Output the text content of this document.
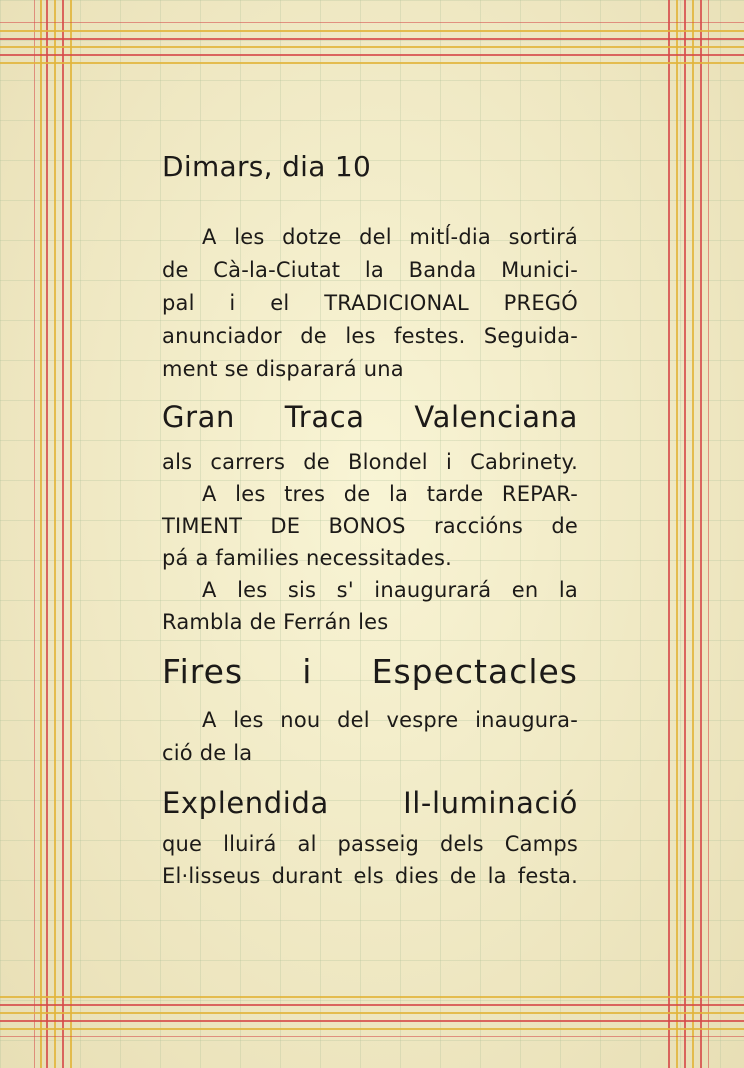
Dimars, dia 10
A les dotze del mitĺ-dia sortirá
de Cà-la-Ciutat la Banda Munici-
pal i el TRADICIONAL PREGÓ
anunciador de les festes. Seguida-
ment se disparará una
Gran Traca Valenciana
als carrers de Blondel i Cabrinety.
A les tres de la tarde REPAR-
TIMENT DE BONOS raccións de
pá a families necessitades.
A les sis s' inaugurará en la
Rambla de Ferrán les
Fires i Espectacles
A les nou del vespre inaugura-
ció de la
Explendida Il-luminació
que lluirá al passeig dels Camps
El·lisseus durant els dies de la festa.
